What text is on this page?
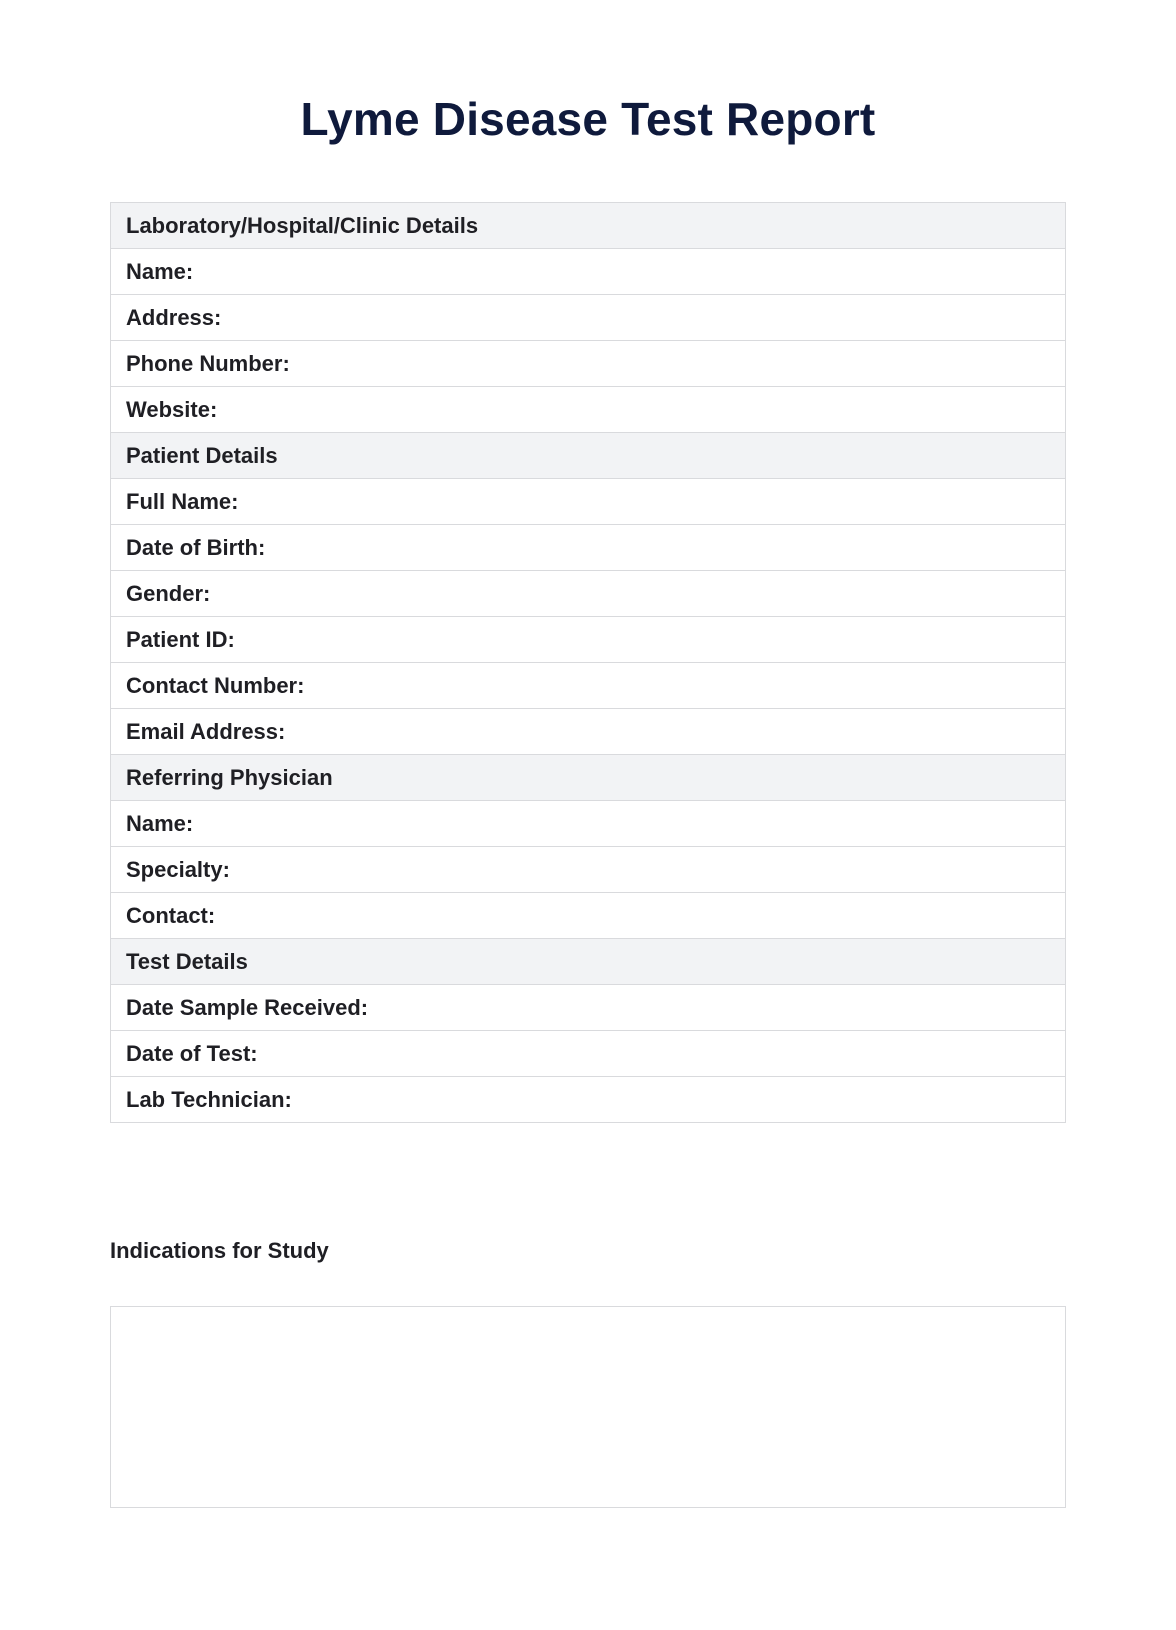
Lyme Disease Test Report
Laboratory/Hospital/Clinic Details
Name:
Address:
Phone Number:
Website:
Patient Details
Full Name:
Date of Birth:
Gender:
Patient ID:
Contact Number:
Email Address:
Referring Physician
Name:
Specialty:
Contact:
Test Details
Date Sample Received:
Date of Test:
Lab Technician:
Indications for Study
